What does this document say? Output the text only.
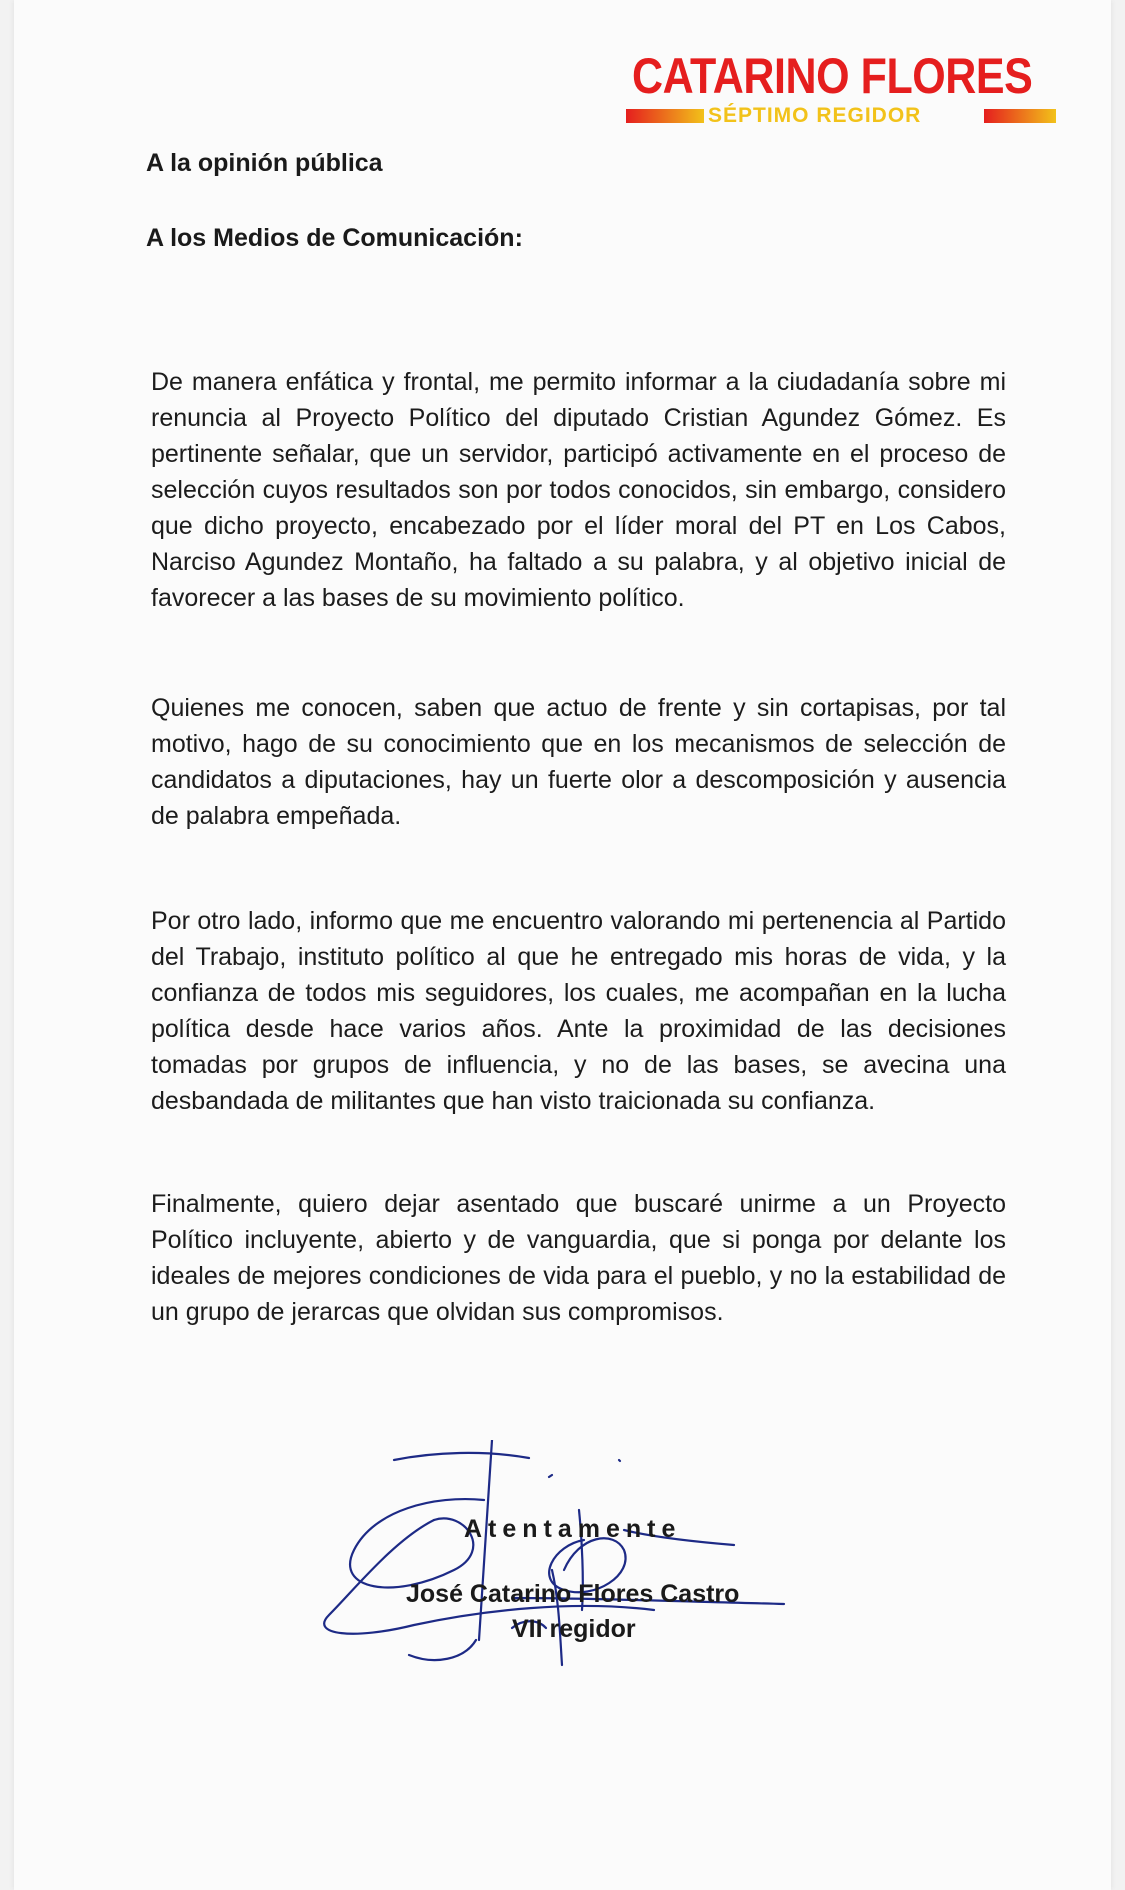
CATARINO FLORES
SÉPTIMO REGIDOR
A la opinión pública
A los Medios de Comunicación:
De manera enfática y frontal, me permito informar a la ciudadanía sobre mi renuncia al Proyecto Político del diputado Cristian Agundez Gómez. Es pertinente señalar, que un servidor, participó activamente en el proceso de selección cuyos resultados son por todos conocidos, sin embargo, considero que dicho proyecto, encabezado por el líder moral del PT en Los Cabos, Narciso Agundez Montaño, ha faltado a su palabra, y al objetivo inicial de favorecer a las bases de su movimiento político.
Quienes me conocen, saben que actuo de frente y sin cortapisas, por tal motivo, hago de su conocimiento que en los mecanismos de selección de candidatos a diputaciones, hay un fuerte olor a descomposición y ausencia de palabra empeñada.
Por otro lado, informo que me encuentro valorando mi pertenencia al Partido del Trabajo, instituto político al que he entregado mis horas de vida, y la confianza de todos mis seguidores, los cuales, me acompañan en la lucha política desde hace varios años. Ante la proximidad de las decisiones tomadas por grupos de influencia, y no de las bases, se avecina una desbandada de militantes que han visto traicionada su confianza.
Finalmente, quiero dejar asentado que buscaré unirme a un Proyecto Político incluyente, abierto y de vanguardia, que si ponga por delante los ideales de mejores condiciones de vida para el pueblo, y no la estabilidad de un grupo de jerarcas que olvidan sus compromisos.
Atentamente
José Catarino Flores Castro
VII regidor
